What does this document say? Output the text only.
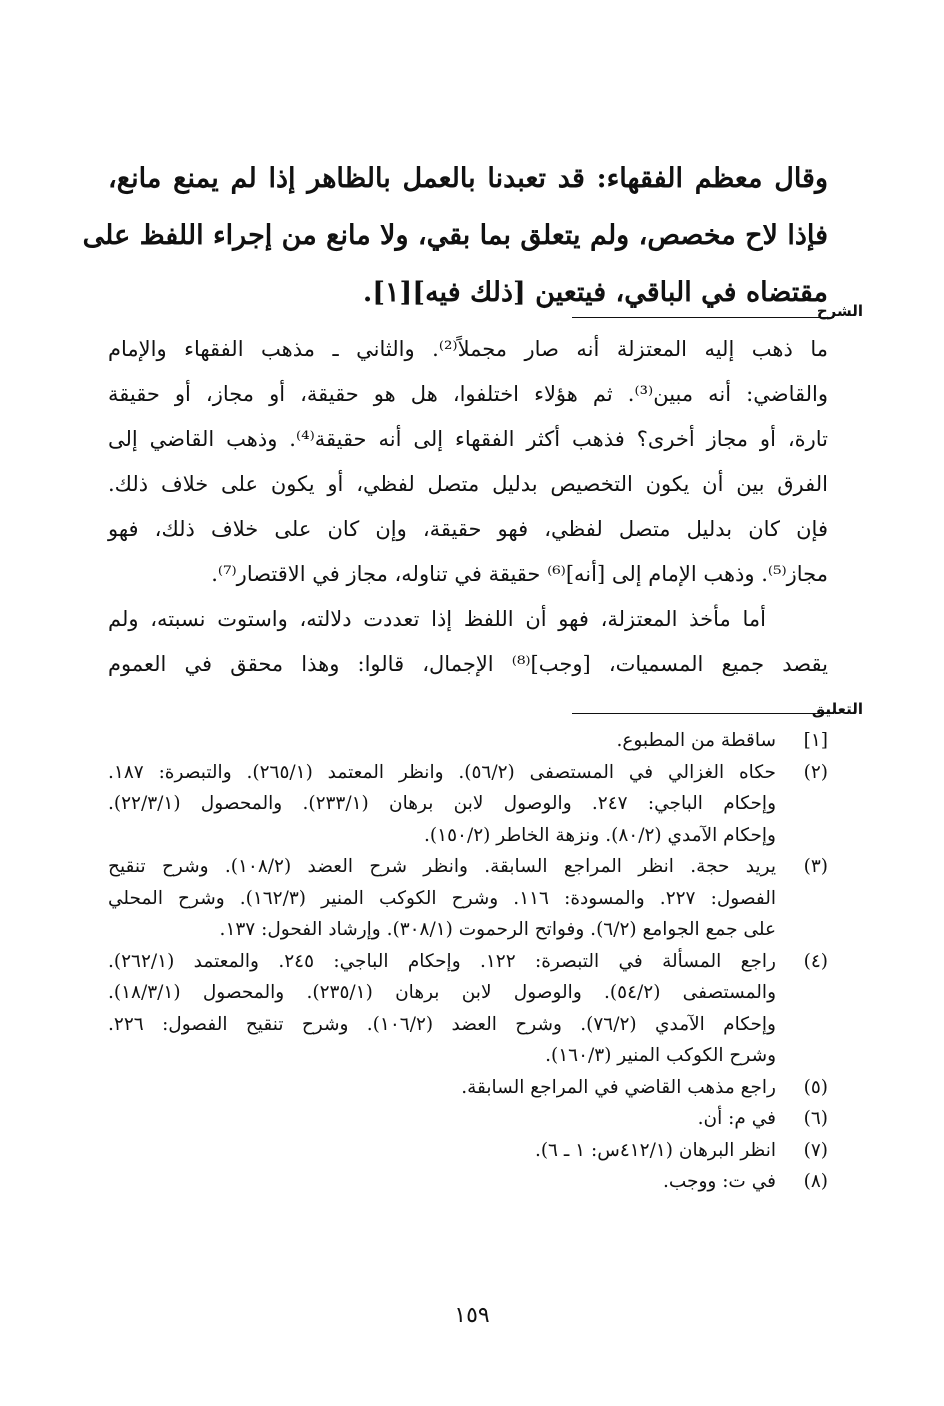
وقال معظم الفقهاء: قد تعبدنا بالعمل بالظاهر إذا لم يمنع مانع،
فإذا لاح مخصص، ولم يتعلق بما بقي، ولا مانع من إجراء اللفظ على
مقتضاه في الباقي، فيتعين [ذلك فيه][١].
الشرح
ما ذهب إليه المعتزلة أنه صار مجملاً⁽²⁾. والثاني ـ مذهب الفقهاء والإمام
والقاضي: أنه مبين⁽³⁾. ثم هؤلاء اختلفوا، هل هو حقيقة، أو مجاز، أو حقيقة
تارة، أو مجاز أخرى؟ فذهب أكثر الفقهاء إلى أنه حقيقة⁽⁴⁾. وذهب القاضي إلى
الفرق بين أن يكون التخصيص بدليل متصل لفظي، أو يكون على خلاف ذلك.
فإن كان بدليل متصل لفظي، فهو حقيقة، وإن كان على خلاف ذلك، فهو
مجاز⁽⁵⁾. وذهب الإمام إلى [أنه]⁽⁶⁾ حقيقة في تناوله، مجاز في الاقتصار⁽⁷⁾.
أما مأخذ المعتزلة، فهو أن اللفظ إذا تعددت دلالته، واستوت نسبته، ولم
يقصد جميع المسميات، [وجب]⁽⁸⁾ الإجمال، قالوا: وهذا محقق في العموم
التعليق
[١]
ساقطة من المطبوع.
(٢)
حكاه الغزالي في المستصفى (٥٦/٢). وانظر المعتمد (٢٦٥/١). والتبصرة: ١٨٧.
وإحكام الباجي: ٢٤٧. والوصول لابن برهان (٢٣٣/١). والمحصول (٢٢/٣/١).
وإحكام الآمدي (٨٠/٢). ونزهة الخاطر (١٥٠/٢).
(٣)
يريد حجة. انظر المراجع السابقة. وانظر شرح العضد (١٠٨/٢). وشرح تنقيح
الفصول: ٢٢٧. والمسودة: ١١٦. وشرح الكوكب المنير (١٦٢/٣). وشرح المحلي
على جمع الجوامع (٦/٢). وفواتح الرحموت (٣٠٨/١). وإرشاد الفحول: ١٣٧.
(٤)
راجع المسألة في التبصرة: ١٢٢. وإحكام الباجي: ٢٤٥. والمعتمد (٢٦٢/١).
والمستصفى (٥٤/٢). والوصول لابن برهان (٢٣٥/١). والمحصول (١٨/٣/١).
وإحكام الآمدي (٧٦/٢). وشرح العضد (١٠٦/٢). وشرح تنقيح الفصول: ٢٢٦.
وشرح الكوكب المنير (١٦٠/٣).
(٥)
راجع مذهب القاضي في المراجع السابقة.
(٦)
في م: أن.
(٧)
انظر البرهان (٤١٢/١س: ١ ـ ٦).
(٨)
في ت: ووجب.
١٥٩
